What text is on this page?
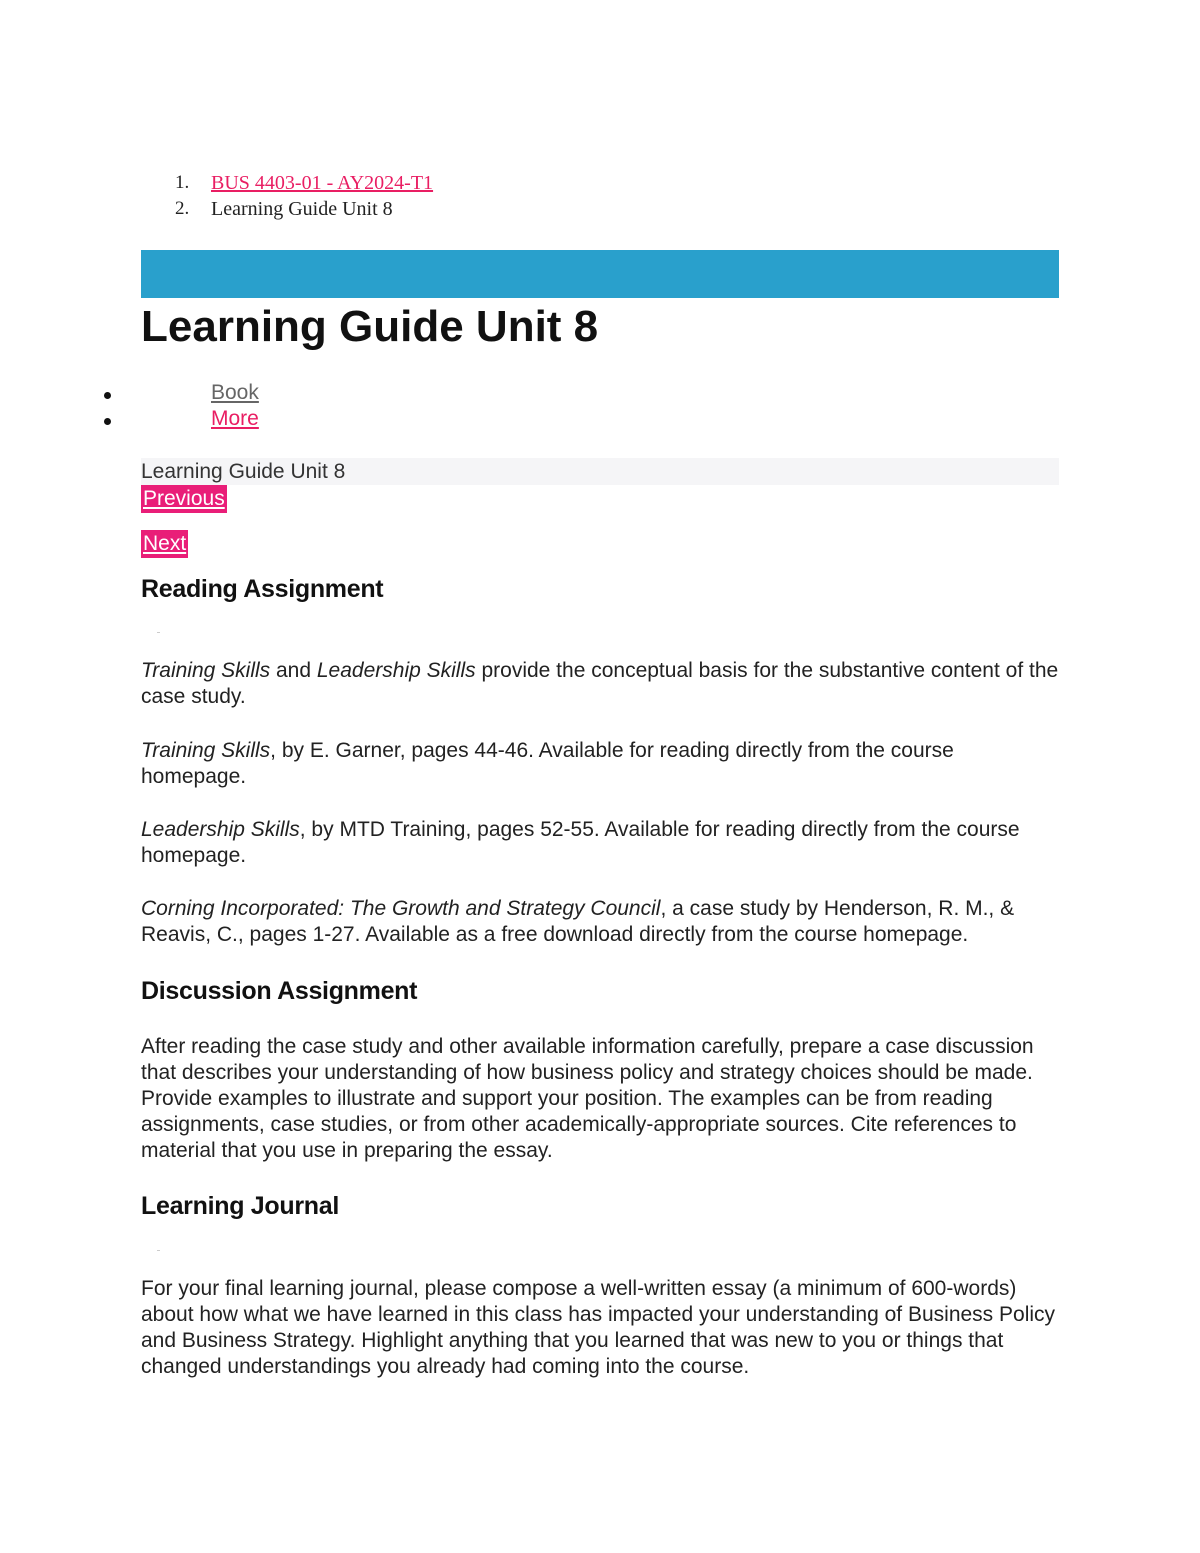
1. BUS 4403-01 - AY2024-T1
2. Learning Guide Unit 8
Learning Guide Unit 8
Book
More
Learning Guide Unit 8
Previous
Next
Reading Assignment

Training Skills and Leadership Skills provide the conceptual basis for the substantive content of the case study.

Training Skills, by E. Garner, pages 44-46. Available for reading directly from the course homepage.

Leadership Skills, by MTD Training, pages 52-55. Available for reading directly from the course homepage.

Corning Incorporated: The Growth and Strategy Council, a case study by Henderson, R. M., & Reavis, C., pages 1-27. Available as a free download directly from the course homepage.

Discussion Assignment

After reading the case study and other available information carefully, prepare a case discussion that describes your understanding of how business policy and strategy choices should be made. Provide examples to illustrate and support your position. The examples can be from reading assignments, case studies, or from other academically-appropriate sources. Cite references to material that you use in preparing the essay.

Learning Journal

For your final learning journal, please compose a well-written essay (a minimum of 600-words) about how what we have learned in this class has impacted your understanding of Business Policy and Business Strategy. Highlight anything that you learned that was new to you or things that changed understandings you already had coming into the course.
